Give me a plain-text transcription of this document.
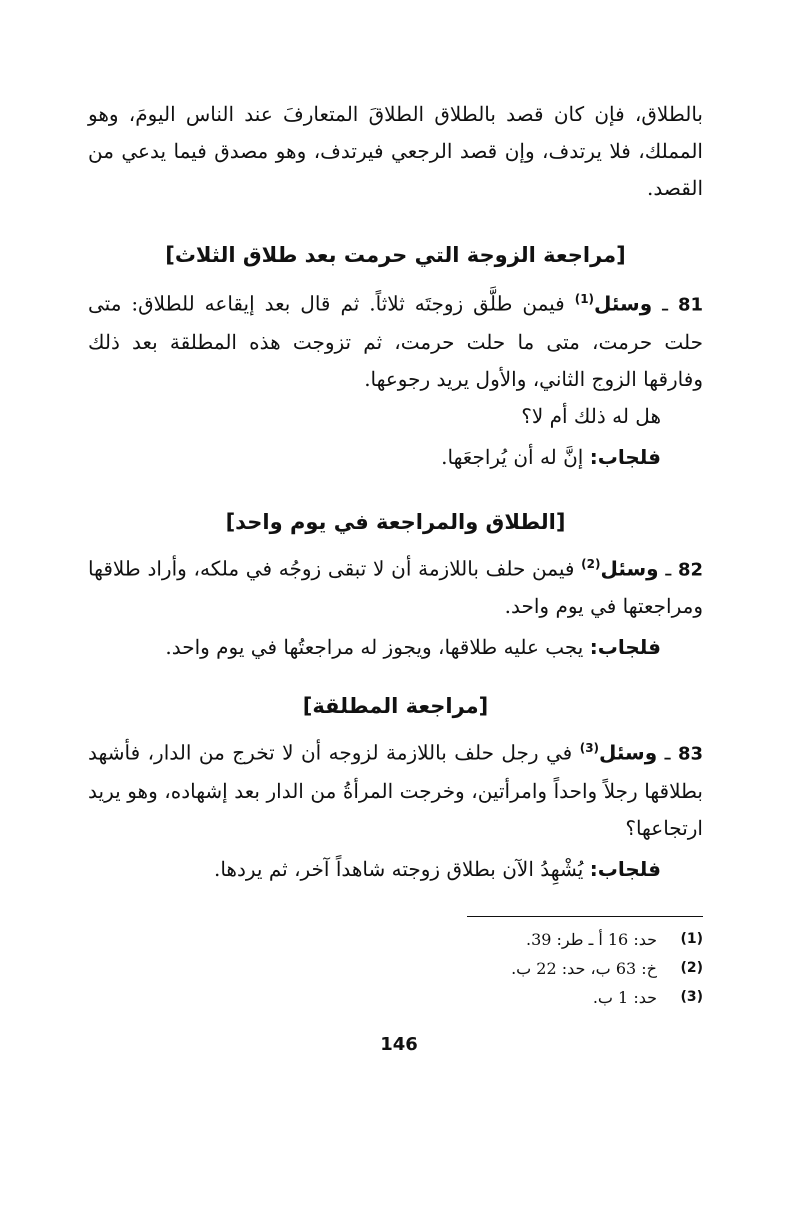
بالطلاق، فإن كان قصد بالطلاق الطلاقَ المتعارفَ عند الناس اليومَ، وهو المملك، فلا يرتدف، وإن قصد الرجعي فيرتدف، وهو مصدق فيما يدعي من القصد.

[مراجعة الزوجة التي حرمت بعد طلاق الثلاث]

81 ـ وسئل$^{(1)}$ فيمن طلَّق زوجتَه ثلاثاً. ثم قال بعد إيقاعه للطلاق: متى حلت حرمت، متى ما حلت حرمت، ثم تزوجت هذه المطلقة بعد ذلك وفارقها الزوج الثاني، والأول يريد رجوعها.

هل له ذلك أم لا؟

فلجاب: إنَّ له أن يُراجعَها.

[الطلاق والمراجعة في يوم واحد]

82 ـ وسئل$^{(2)}$ فيمن حلف باللازمة أن لا تبقى زوجُه في ملكه، وأراد طلاقها ومراجعتها في يوم واحد.

فلجاب: يجب عليه طلاقها، ويجوز له مراجعتُها في يوم واحد.

[مراجعة المطلقة]

83 ـ وسئل$^{(3)}$ في رجل حلف باللازمة لزوجه أن لا تخرج من الدار، فأشهد بطلاقها رجلاً واحداً وامرأتين، وخرجت المرأةُ من الدار بعد إشهاده، وهو يريد ارتجاعها؟

فلجاب: يُشْهِدُ الآن بطلاق زوجته شاهداً آخر، ثم يردها.

(1)
حد: 16 أ ـ طر: 39.
(2)
خ: 63 ب، حد: 22 ب.
(3)
حد: 1 ب.
146
